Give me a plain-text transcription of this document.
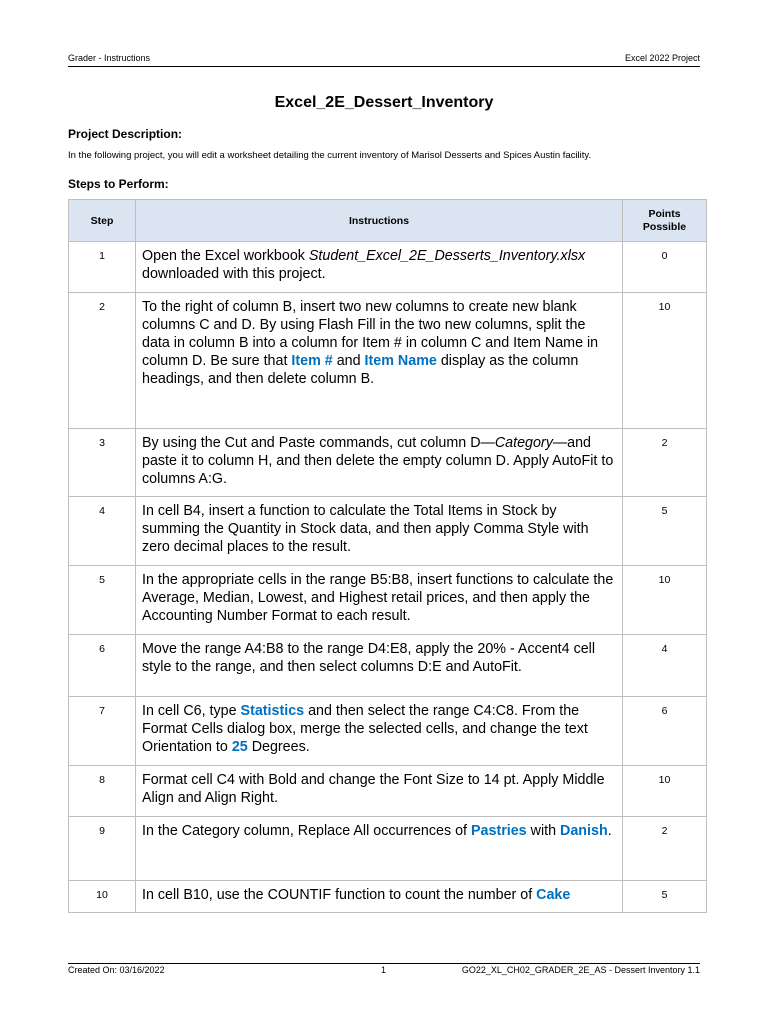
Grader - Instructions	Excel 2022 Project
Excel_2E_Dessert_Inventory
Project Description:
In the following project, you will edit a worksheet detailing the current inventory of Marisol Desserts and Spices Austin facility.
Steps to Perform:
Step	Instructions	Points Possible
1	Open the Excel workbook Student_Excel_2E_Desserts_Inventory.xlsx downloaded with this project.	0
2	To the right of column B, insert two new columns to create new blank columns C and D. By using Flash Fill in the two new columns, split the data in column B into a column for Item # in column C and Item Name in column D. Be sure that Item # and Item Name display as the column headings, and then delete column B.	10
3	By using the Cut and Paste commands, cut column D—Category—and paste it to column H, and then delete the empty column D. Apply AutoFit to columns A:G.	2
4	In cell B4, insert a function to calculate the Total Items in Stock by summing the Quantity in Stock data, and then apply Comma Style with zero decimal places to the result.	5
5	In the appropriate cells in the range B5:B8, insert functions to calculate the Average, Median, Lowest, and Highest retail prices, and then apply the Accounting Number Format to each result.	10
6	Move the range A4:B8 to the range D4:E8, apply the 20% - Accent4 cell style to the range, and then select columns D:E and AutoFit.	4
7	In cell C6, type Statistics and then select the range C4:C8. From the Format Cells dialog box, merge the selected cells, and change the text Orientation to 25 Degrees.	6
8	Format cell C4 with Bold and change the Font Size to 14 pt. Apply Middle Align and Align Right.	10
9	In the Category column, Replace All occurrences of Pastries with Danish.	2
10	In cell B10, use the COUNTIF function to count the number of Cake	5
Created On: 03/16/2022	1	GO22_XL_CH02_GRADER_2E_AS - Dessert Inventory 1.1
